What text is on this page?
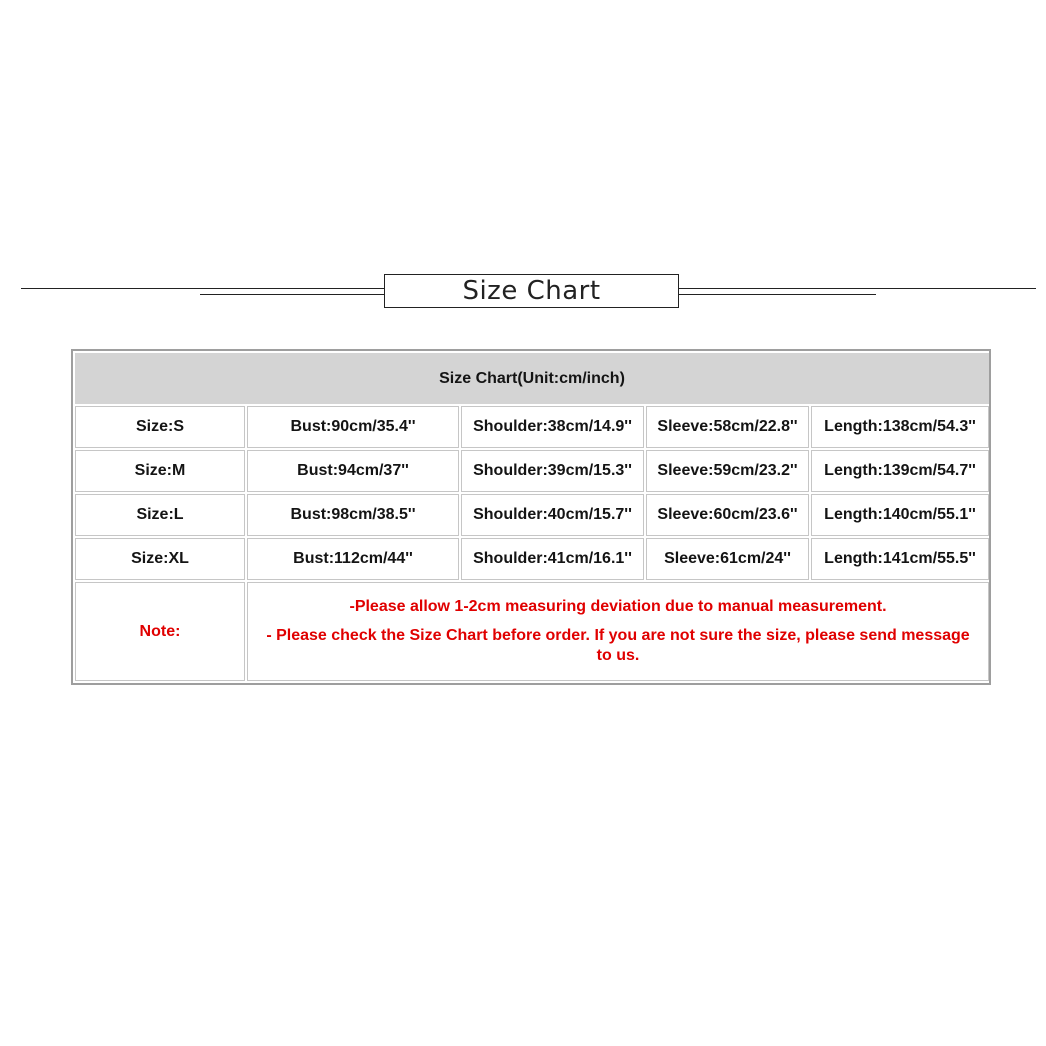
Size Chart
Size Chart(Unit:cm/inch)				
Size:S	Bust:90cm/35.4''	Shoulder:38cm/14.9''	Sleeve:58cm/22.8''	Length:138cm/54.3''
Size:M	Bust:94cm/37''	Shoulder:39cm/15.3''	Sleeve:59cm/23.2''	Length:139cm/54.7''
Size:L	Bust:98cm/38.5''	Shoulder:40cm/15.7''	Sleeve:60cm/23.6''	Length:140cm/55.1''
Size:XL	Bust:112cm/44''	Shoulder:41cm/16.1''	Sleeve:61cm/24''	Length:141cm/55.5''
Note:	-Please allow 1-2cm measuring deviation due to manual measurement.
- Please check the Size Chart before order. If you are not sure the size, please send message to us.			
